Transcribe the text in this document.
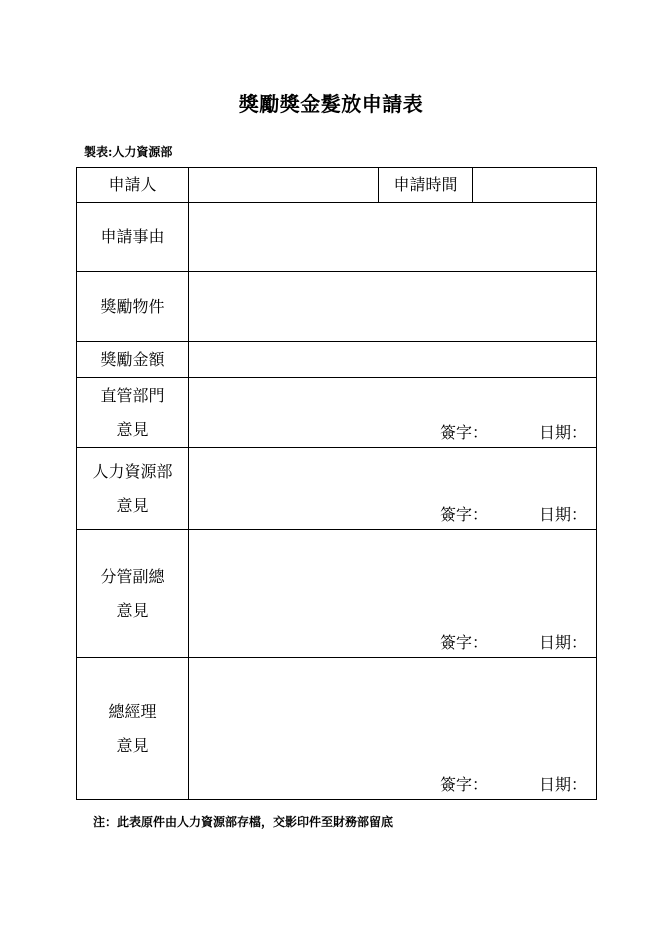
獎勵獎金髮放申請表
製表:人力資源部
申請人		申請時間	
申請事由			
獎勵物件			
獎勵金額			

直管部門
意見	簽字： 日期：		

人力資源部
意見	簽字： 日期：		

分管副總
意見	簽字： 日期：		

總經理
意見	簽字： 日期：		
注：此表原件由人力資源部存檔，交影印件至財務部留底
